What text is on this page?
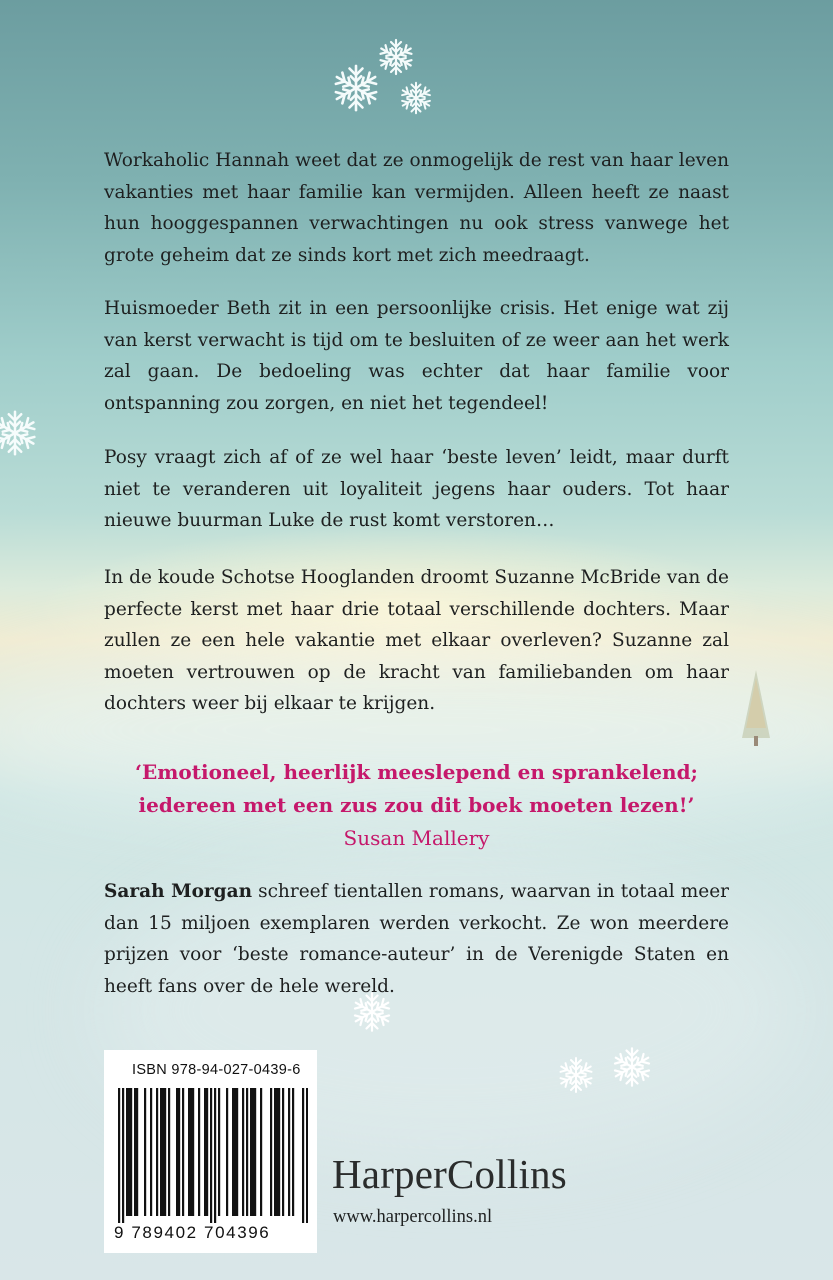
Workaholic Hannah weet dat ze onmogelijk de rest van haar leven vakanties met haar familie kan vermijden. Alleen heeft ze naast hun hooggespannen verwachtingen nu ook stress vanwege het grote geheim dat ze sinds kort met zich meedraagt.

Huismoeder Beth zit in een persoonlijke crisis. Het enige wat zij van kerst verwacht is tijd om te besluiten of ze weer aan het werk zal gaan. De bedoeling was echter dat haar familie voor ontspanning zou zorgen, en niet het tegendeel!

Posy vraagt zich af of ze wel haar ‘beste leven’ leidt, maar durft niet te veranderen uit loyaliteit jegens haar ouders. Tot haar nieuwe buurman Luke de rust komt verstoren…

In de koude Schotse Hooglanden droomt Suzanne McBride van de perfecte kerst met haar drie totaal verschillende dochters. Maar zullen ze een hele vakantie met elkaar overleven? Suzanne zal moeten vertrouwen op de kracht van familiebanden om haar dochters weer bij elkaar te krijgen.

‘Emotioneel, heerlijk meeslepend en sprankelend;
iedereen met een zus zou dit boek moeten lezen!’
Susan Mallery

Sarah Morgan schreef tientallen romans, waarvan in totaal meer dan 15 miljoen exemplaren werden verkocht. Ze won meerdere prijzen voor ‘beste romance-auteur’ in de Verenigde Staten en heeft fans over de hele wereld.

ISBN 978-94-027-0439-6
9 789402 704396
HarperCollins
www.harpercollins.nl
